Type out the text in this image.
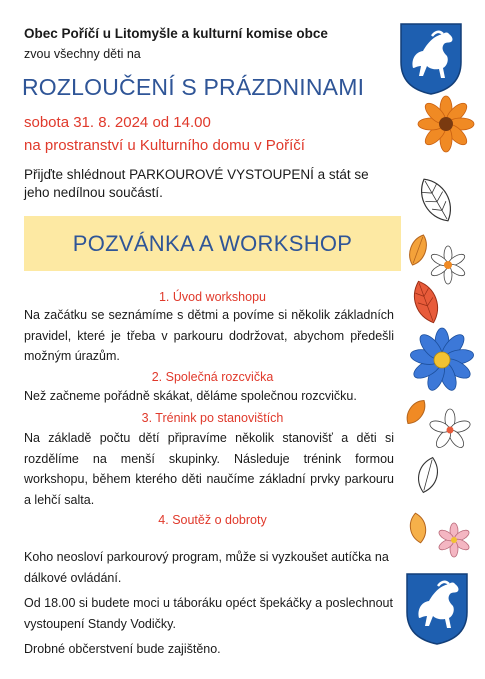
Obec Poříčí u Litomyšle a kulturní komise obce
zvou všechny děti na
ROZLOUČENÍ S PRÁZDNINAMI
sobota 31. 8. 2024 od 14.00
na prostranství u Kulturního domu v Poříčí
Přijďte shlédnout PARKOUROVÉ VYSTOUPENÍ a stát se jeho nedílnou součástí.
POZVÁNKA A WORKSHOP
1. Úvod workshopu
Na začátku se seznámíme s dětmi a povíme si několik základních pravidel, které je třeba v parkouru dodržovat, abychom předešli možným úrazům.
2. Společná rozcvička
Než začneme pořádně skákat, děláme společnou rozcvičku.
3. Trénink po stanovištích
Na základě počtu dětí připravíme několik stanovišť a děti si rozdělíme na menší skupinky. Následuje trénink formou workshopu, během kterého děti naučíme základní prvky parkouru a lehčí salta.
4. Soutěž o dobroty
Koho neosloví parkourový program, může si vyzkoušet autíčka na dálkové ovládání.
Od 18.00 si budete moci u táboráku opéct špekáčky a poslechnout vystoupení Standy Vodičky.
Drobné občerstvení bude zajištěno.
